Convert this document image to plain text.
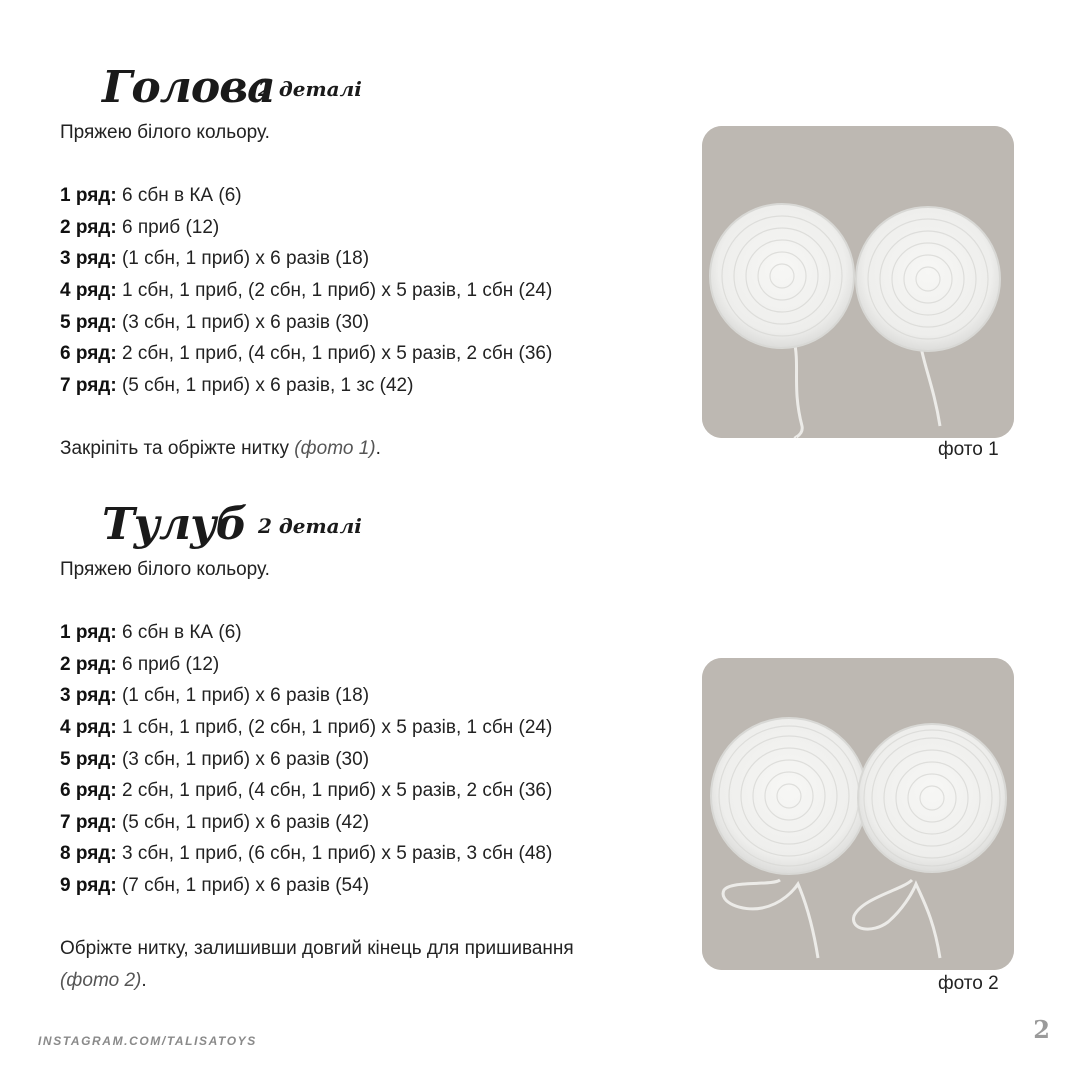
Голова
2 деталі
Пряжею білого кольору.
1 ряд: 6 сбн в КА (6)
2 ряд: 6 приб (12)
3 ряд: (1 сбн, 1 приб) х 6 разів (18)
4 ряд: 1 сбн, 1 приб, (2 сбн, 1 приб) х 5 разів, 1 сбн (24)
5 ряд: (3 сбн, 1 приб) х 6 разів (30)
6 ряд: 2 сбн, 1 приб, (4 сбн, 1 приб) х 5 разів, 2 сбн (36)
7 ряд: (5 сбн, 1 приб) х 6 разів, 1 зс (42)
Закріпіть та обріжте нитку (фото 1).	фото 1
Тулуб 2 деталі
Пряжею білого кольору.
1 ряд: 6 сбн в КА (6)
2 ряд: 6 приб (12)
3 ряд: (1 сбн, 1 приб) х 6 разів (18)
4 ряд: 1 сбн, 1 приб, (2 сбн, 1 приб) х 5 разів, 1 сбн (24)
5 ряд: (3 сбн, 1 приб) х 6 разів (30)
6 ряд: 2 сбн, 1 приб, (4 сбн, 1 приб) х 5 разів, 2 сбн (36)
7 ряд: (5 сбн, 1 приб) х 6 разів (42)
8 ряд: 3 сбн, 1 приб, (6 сбн, 1 приб) х 5 разів, 3 сбн (48)
9 ряд: (7 сбн, 1 приб) х 6 разів (54)
Обріжте нитку, залишивши довгий кінець для пришивання
(фото 2).	фото 2
INSTAGRAM.COM/TALISATOYS	2
